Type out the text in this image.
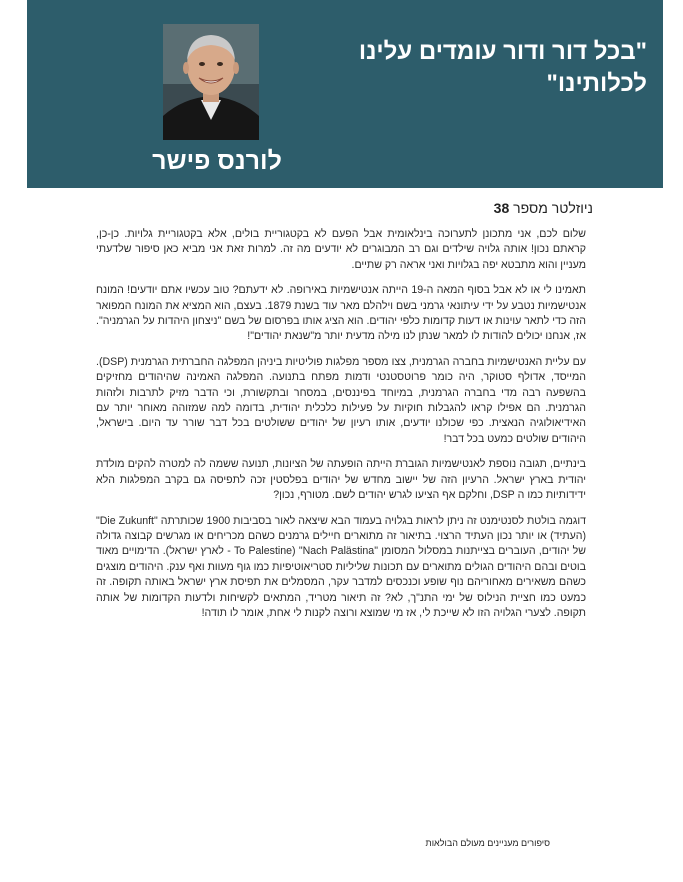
"בכל דור ודור עומדים עלינו לכלותינו"
לורנס פישר
ניוזלטר מספר 38

שלום לכם, אני מתכונן לתערוכה בינלאומית אבל הפעם לא בקטגוריית בולים, אלא בקטגוריית גלויות. כן-כן, קראתם נכון! אותה גלויה שילדים וגם רב המבוגרים לא יודעים מה זה. למרות זאת אני מביא כאן סיפור שלדעתי מעניין והוא מתבטא יפה בגלויות ואני אראה רק שתיים.

תאמינו לי או לא אבל בסוף המאה ה-19 הייתה אנטישמיות באירופה. לא ידעתם? טוב עכשיו אתם יודעים! המונח אנטישמיות נטבע על ידי עיתונאי גרמני בשם וילהלם מאר עוד בשנת 1879. בעצם, הוא המציא את המונח המפואר הזה כדי לתאר עוינות או דעות קדומות כלפי יהודים. הוא הציג אותו בפרסום של בשם "ניצחון היהדות על הגרמניה". אז, אנחנו יכולים להודות לו למאר שנתן לנו מילה מדעית יותר מ"שנאת יהודים"!

עם עליית האנטישמיות בחברה הגרמנית, צצו מספר מפלגות פוליטיות ביניהן המפלגה החברתית הגרמנית (DSP). המייסד, אדולף סטוקר, היה כומר פרוטסטנטי ודמות מפתח בתנועה. המפלגה האמינה שהיהודים מחזיקים בהשפעה רבה מדי בחברה הגרמנית, במיוחד בפיננסים, במסחר ובתקשורת, וכי הדבר מזיק לתרבות ולזהות הגרמנית. הם אפילו קראו להגבלות חוקיות על פעילות כלכלית יהודית, בדומה למה שמזוהה מאוחר יותר עם האידיאולוגיה הנאצית. כפי שכולנו יודעים, אותו רעיון של יהודים ששולטים בכל דבר שורר עד היום. בישראל, היהודים שולטים כמעט בכל דבר!

בינתיים, תגובה נוספת לאנטישמיות הגוברת הייתה הופעתה של הציונות, תנועה ששמה לה למטרה להקים מולדת יהודית בארץ ישראל. הרעיון הזה של יישוב מחדש של יהודים בפלסטין זכה לתפיסה גם בקרב המפלגות הלא ידידותיות כמו ה DSP, וחלקם אף הציעו לגרש יהודים לשם. מטורף, נכון?

דוגמה בולטת לסנטימנט זה ניתן לראות בגלויה בעמוד הבא שיצאה לאור בסביבות 1900 שכותרתה "Die Zukunft" (העתיד) או יותר נכון העתיד הרצוי. בתיאור זה מתוארים חיילים גרמנים כשהם מכריחים או מגרשים קבוצה גדולה של יהודים, העוברים בצייתנות במסלול המסומן "Nach Palästina" (To Palestine - לארץ ישראל). הדימויים מאוד בוטים ובהם היהודים הגולים מתוארים עם תכונות שליליות סטריאוטיפיות כמו גוף מעוות ואף ענק. היהודים מוצגים כשהם משאירים מאחוריהם נוף שופע וכנכסים למדבר עקר, המסמלים את תפיסת ארץ ישראל באותה תקופה. זה כמעט כמו חציית הנילוס של ימי התנ"ך, לא? זה תיאור מטריד, המתאים לקשיחות ולדעות הקדומות של אותה תקופה. לצערי הגלויה הזו לא שייכת לי, אז מי שמוצא ורוצה לקנות לי אחת, אומר לו תודה!

סיפורים מעניינים מעולם הבולאות
